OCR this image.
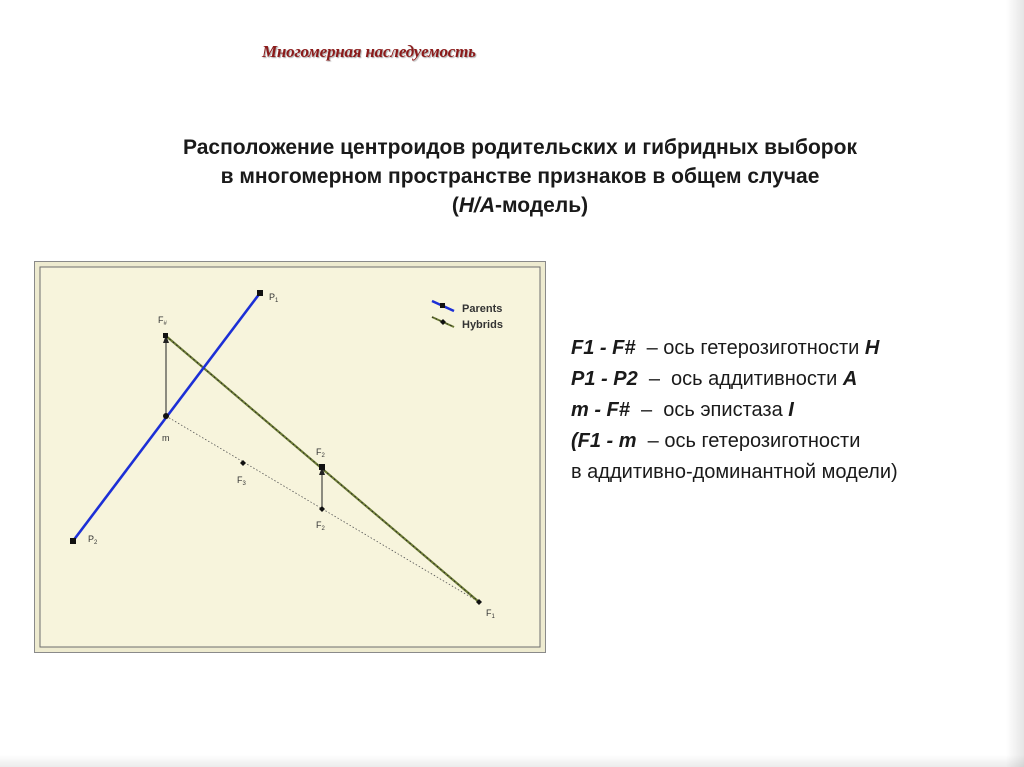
Многомерная наследуемость
Расположение центроидов родительских и гибридных выборок
в многомерном пространстве признаков в общем случае
(H/A-модель)
$P_1$
$P_2$
$F_{\#}$
m
$F_3$
$F_2$
$F_2$
$F_1$
Parents
Hybrids
F1 - F#  – ось гетерозиготности H
P1 - P2  –  ось аддитивности A
m - F#  –  ось эпистаза I
(F1 - m  – ось гетерозиготности
в аддитивно-доминантной модели)
